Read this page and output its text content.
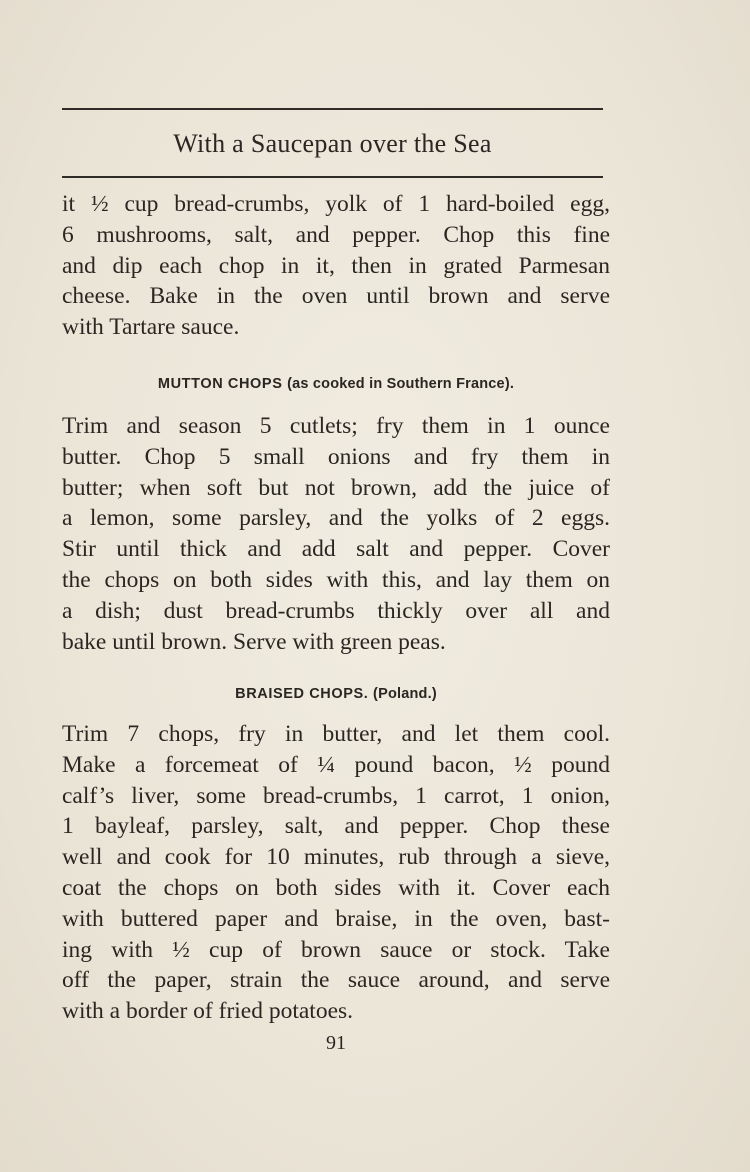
With a Saucepan over the Sea
it ½ cup bread-crumbs, yolk of 1 hard-boiled egg,
6 mushrooms, salt, and pepper. Chop this fine
and dip each chop in it, then in grated Parmesan
cheese. Bake in the oven until brown and serve
with Tartare sauce.
MUTTON CHOPS (as cooked in Southern France).
Trim and season 5 cutlets; fry them in 1 ounce
butter. Chop 5 small onions and fry them in
butter; when soft but not brown, add the juice of
a lemon, some parsley, and the yolks of 2 eggs.
Stir until thick and add salt and pepper. Cover
the chops on both sides with this, and lay them on
a dish; dust bread-crumbs thickly over all and
bake until brown. Serve with green peas.
BRAISED CHOPS. (Poland.)
Trim 7 chops, fry in butter, and let them cool.
Make a forcemeat of ¼ pound bacon, ½ pound
calf’s liver, some bread-crumbs, 1 carrot, 1 onion,
1 bayleaf, parsley, salt, and pepper. Chop these
well and cook for 10 minutes, rub through a sieve,
coat the chops on both sides with it. Cover each
with buttered paper and braise, in the oven, bast-
ing with ½ cup of brown sauce or stock. Take
off the paper, strain the sauce around, and serve
with a border of fried potatoes.
91
